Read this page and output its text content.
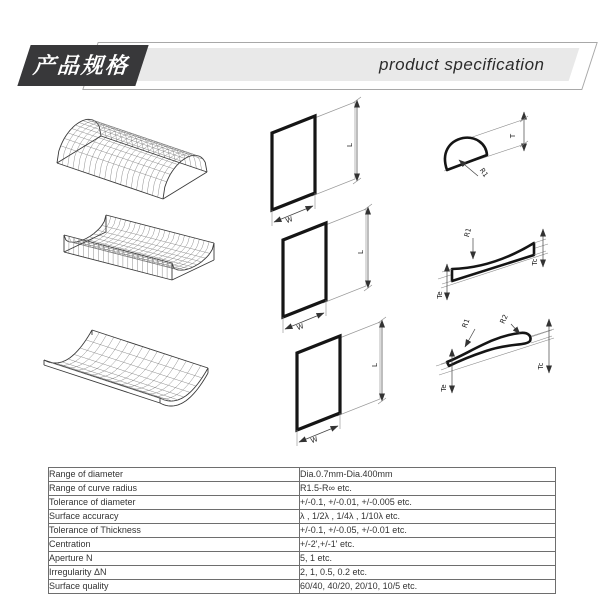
product specification
产品规格
W
L
W
L
W
L
T
R1
R1
Tc
Te
R1	R2
Tc
Te
Range of diameter	Dia.0.7mm-Dia.400mm
Range of curve radius	R1.5-R∞ etc.
Tolerance of diameter	+/-0.1, +/-0.01, +/-0.005 etc.
Surface accuracy	λ , 1/2λ , 1/4λ , 1/10λ etc.
Tolerance of Thickness	+/-0.1, +/-0.05, +/-0.01 etc.
Centration	+/-2',+/-1' etc.
Aperture N	5, 1 etc.
Irregularity ΔN	2, 1, 0.5, 0.2 etc.
Surface quality	60/40, 40/20, 20/10, 10/5 etc.
